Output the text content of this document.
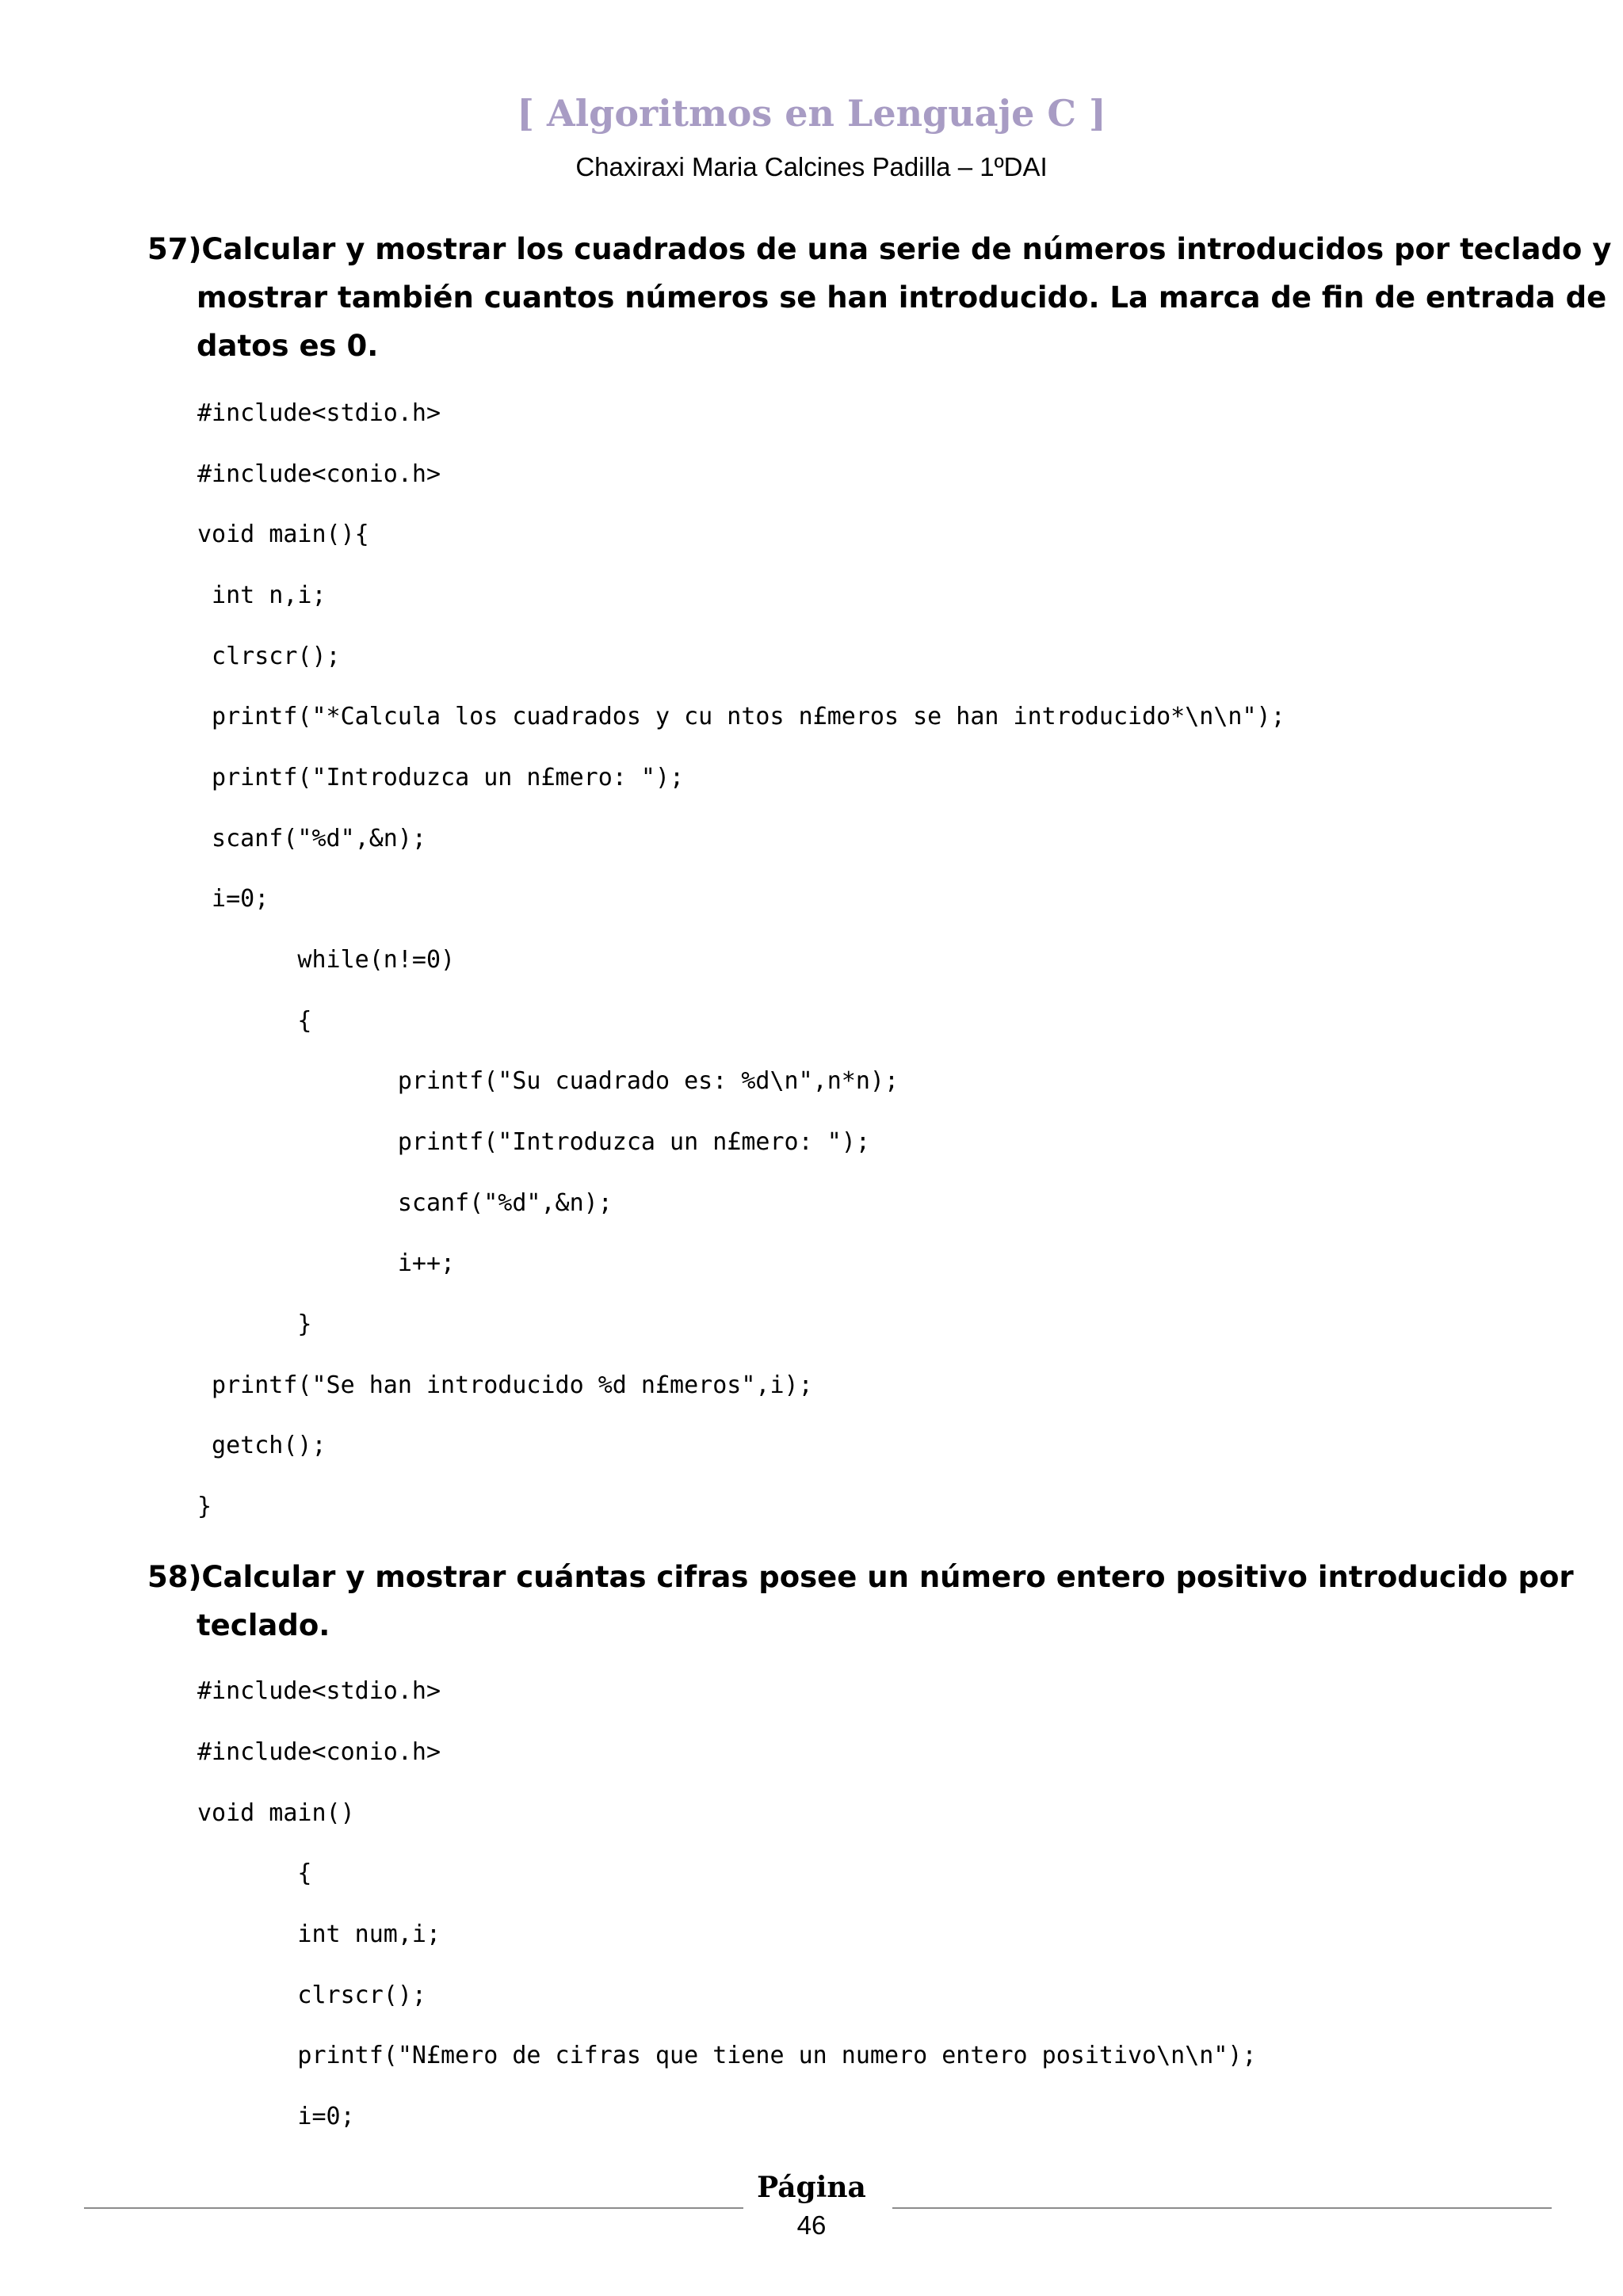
[ Algoritmos en Lenguaje C ]
Chaxiraxi Maria Calcines Padilla – 1ºDAI
57)Calcular y mostrar los cuadrados de una serie de números introducidos por teclado y
mostrar también cuantos números se han introducido. La marca de fin de entrada de
datos es 0.
#include<stdio.h>
#include<conio.h>
void main(){
int n,i;
clrscr();
printf("*Calcula los cuadrados y cu ntos n£meros se han introducido*\n\n");
printf("Introduzca un n£mero: ");
scanf("%d",&n);
i=0;
while(n!=0)
{
printf("Su cuadrado es: %d\n",n*n);
printf("Introduzca un n£mero: ");
scanf("%d",&n);
i++;
}
printf("Se han introducido %d n£meros",i);
getch();
}
58)Calcular y mostrar cuántas cifras posee un número entero positivo introducido por
teclado.
#include<stdio.h>
#include<conio.h>
void main()
{
int num,i;
clrscr();
printf("N£mero de cifras que tiene un numero entero positivo\n\n");
i=0;
Página
46
